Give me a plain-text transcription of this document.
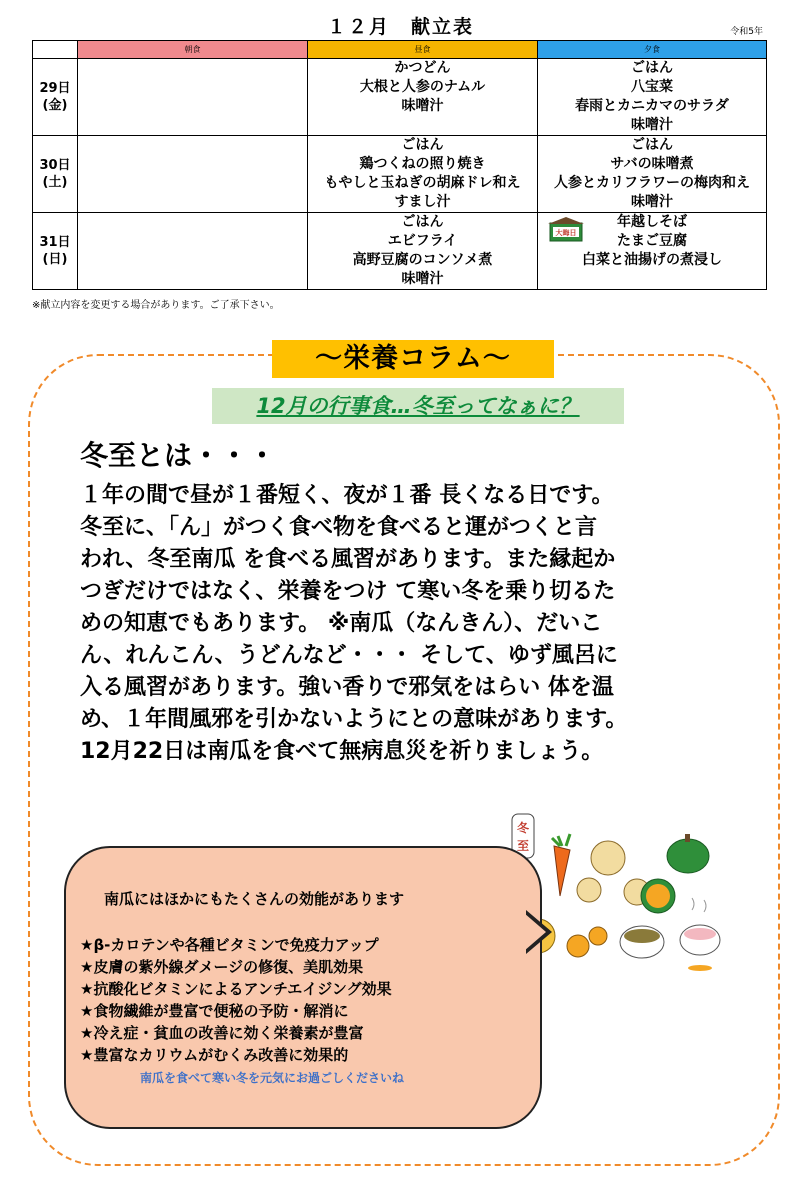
１２月　献立表	令和5年
	朝食	昼食	夕食

29日
(金)		かつどん
大根と人参のナムル
味噌汁	ごはん
八宝菜
春雨とカニカマのサラダ
味噌汁

30日
(土)		ごはん
鶏つくねの照り焼き
もやしと玉ねぎの胡麻ドレ和え
すまし汁	ごはん
サバの味噌煮
人参とカリフラワーの梅肉和え
味噌汁

31日
(日)		ごはん
エビフライ
高野豆腐のコンソメ煮
味噌汁	大晦日
年越しそば
たまご豆腐
白菜と油揚げの煮浸し
※献立内容を変更する場合があります。ご了承下さい。
～栄養コラム～
12月の行事食…冬至ってなぁに？
冬至とは・・・
１年の間で昼が１番短く、夜が１番 長くなる日です。
冬至に、「ん」がつく食べ物を食べると運がつくと言
われ、冬至南瓜 を食べる風習があります。また縁起か
つぎだけではなく、栄養をつけ て寒い冬を乗り切るた
めの知恵でもあります。 ※南瓜（なんきん）、だいこ
ん、れんこん、うどんなど・・・ そして、ゆず風呂に
入る風習があります。強い香りで邪気をはらい 体を温
め、１年間風邪を引かないようにとの意味があります。
12月22日は南瓜を食べて無病息災を祈りましょう。
冬
至
南瓜にはほかにもたくさんの効能があります
★β-カロテンや各種ビタミンで免疫力アップ
★皮膚の紫外線ダメージの修復、美肌効果
★抗酸化ビタミンによるアンチエイジング効果
★食物繊維が豊富で便秘の予防・解消に
★冷え症・貧血の改善に効く栄養素が豊富
★豊富なカリウムがむくみ改善に効果的
南瓜を食べて寒い冬を元気にお過ごしくださいね
